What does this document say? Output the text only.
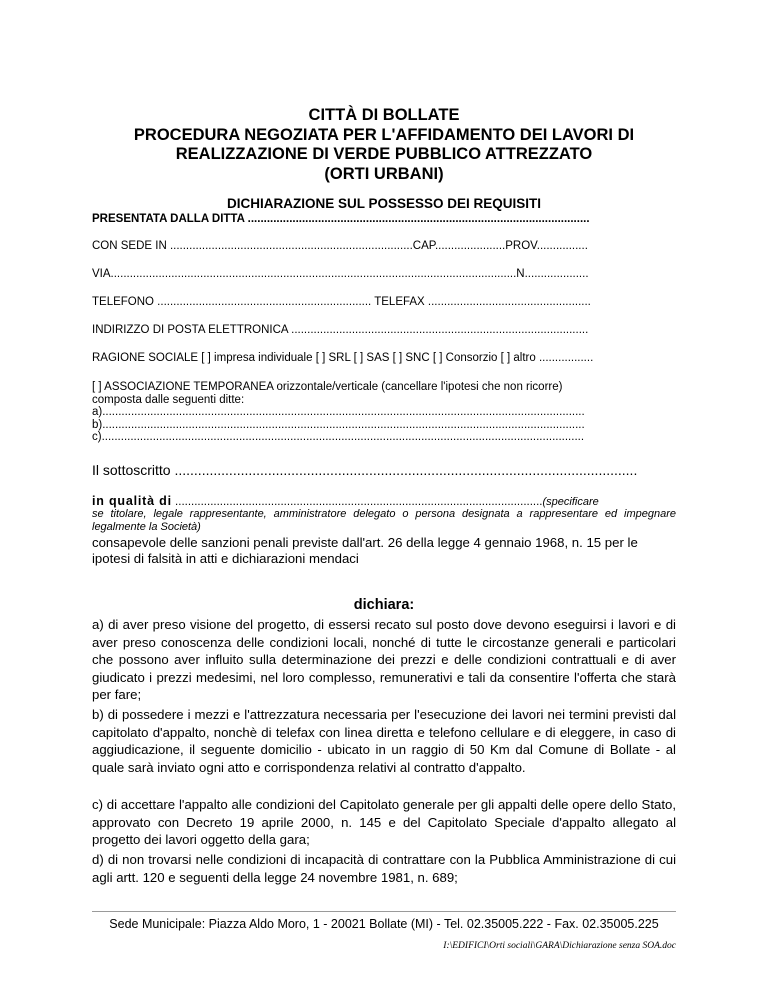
CITTÀ DI BOLLATE
PROCEDURA NEGOZIATA PER L'AFFIDAMENTO DEI LAVORI DI
REALIZZAZIONE DI VERDE PUBBLICO ATTREZZATO
(ORTI URBANI)
DICHIARAZIONE SUL POSSESSO DEI REQUISITI
PRESENTATA DALLA DITTA ...........................................................................................................
CON SEDE IN ............................................................................CAP......................PROV................
VIA...............................................................................................................................N....................
TELEFONO ................................................................... TELEFAX ...................................................
INDIRIZZO DI POSTA ELETTRONICA .............................................................................................
RAGIONE SOCIALE [ ] impresa individuale [ ] SRL [ ] SAS [ ] SNC [ ] Consorzio [ ] altro .................
[ ] ASSOCIAZIONE TEMPORANEA orizzontale/verticale (cancellare l'ipotesi che non ricorre)
composta dalle seguenti ditte:
a).......................................................................................................................................................
b).......................................................................................................................................................
c).......................................................................................................................................................
Il sottoscritto .......................................................................................................................
in qualità di ...................................................................................................................(specificare
se titolare, legale rappresentante, amministratore delegato o persona designata a rappresentare ed impegnare legalmente la Società)
consapevole delle sanzioni penali previste dall'art. 26 della legge 4 gennaio 1968, n. 15 per le ipotesi di falsità in atti e dichiarazioni mendaci
dichiara:
a) di aver preso visione del progetto, di essersi recato sul posto dove devono eseguirsi i lavori e di aver preso conoscenza delle condizioni locali, nonché di tutte le circostanze generali e particolari che possono aver influito sulla determinazione dei prezzi e delle condizioni contrattuali e di aver giudicato i prezzi medesimi, nel loro complesso, remunerativi e tali da consentire l'offerta che starà per fare;
b) di possedere i mezzi e l'attrezzatura necessaria per l'esecuzione dei lavori nei termini previsti dal capitolato d'appalto, nonchè di telefax con linea diretta e telefono cellulare e di eleggere, in caso di aggiudicazione, il seguente domicilio - ubicato in un raggio di 50 Km dal Comune di Bollate - al quale sarà inviato ogni atto e corrispondenza relativi al contratto d'appalto.
c) di accettare l'appalto alle condizioni del Capitolato generale per gli appalti delle opere dello Stato, approvato con Decreto 19 aprile 2000, n. 145 e del Capitolato Speciale d'appalto allegato al progetto dei lavori oggetto della gara;
d) di non trovarsi nelle condizioni di incapacità di contrattare con la Pubblica Amministrazione di cui agli artt. 120 e seguenti della legge 24 novembre 1981, n. 689;
Sede Municipale: Piazza Aldo Moro, 1 - 20021 Bollate (MI) - Tel. 02.35005.222 - Fax. 02.35005.225
I:\EDIFICI\Orti sociali\GARA\Dichiarazione senza SOA.doc
